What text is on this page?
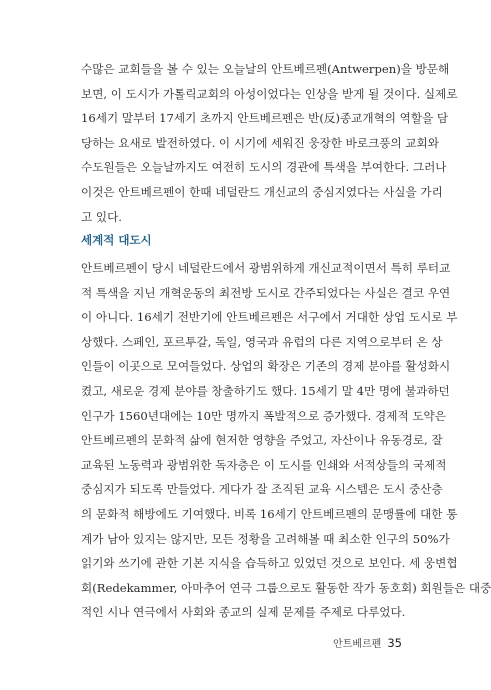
수많은 교회들을 볼 수 있는 오늘날의 안트베르펜(Antwerpen)을 방문해
보면, 이 도시가 가톨릭교회의 아성이었다는 인상을 받게 될 것이다. 실제로
16세기 말부터 17세기 초까지 안트베르펜은 반(反)종교개혁의 역할을 담
당하는 요새로 발전하였다. 이 시기에 세워진 웅장한 바로크풍의 교회와
수도원들은 오늘날까지도 여전히 도시의 경관에 특색을 부여한다. 그러나
이것은 안트베르펜이 한때 네덜란드 개신교의 중심지였다는 사실을 가리
고 있다.
세계적 대도시
안트베르펜이 당시 네덜란드에서 광범위하게 개신교적이면서 특히 루터교
적 특색을 지닌 개혁운동의 최전방 도시로 간주되었다는 사실은 결코 우연
이 아니다. 16세기 전반기에 안트베르펜은 서구에서 거대한 상업 도시로 부
상했다. 스페인, 포르투갈, 독일, 영국과 유럽의 다른 지역으로부터 온 상
인들이 이곳으로 모여들었다. 상업의 확장은 기존의 경제 분야를 활성화시
켰고, 새로운 경제 분야를 창출하기도 했다. 15세기 말 4만 명에 불과하던
인구가 1560년대에는 10만 명까지 폭발적으로 증가했다. 경제적 도약은
안트베르펜의 문화적 삶에 현저한 영향을 주었고, 자산이나 유동경로, 잘
교육된 노동력과 광범위한 독자층은 이 도시를 인쇄와 서적상들의 국제적
중심지가 되도록 만들었다. 게다가 잘 조직된 교육 시스템은 도시 중산층
의 문화적 해방에도 기여했다. 비록 16세기 안트베르펜의 문맹률에 대한 통
계가 남아 있지는 않지만, 모든 정황을 고려해볼 때 최소한 인구의 50%가
읽기와 쓰기에 관한 기본 지식을 습득하고 있었던 것으로 보인다. 세 웅변협
회(Redekammer, 아마추어 연극 그룹으로도 활동한 작가 동호회) 회원들은 대중
적인 시나 연극에서 사회와 종교의 실제 문제를 주제로 다루었다.
안트베르펜 35
